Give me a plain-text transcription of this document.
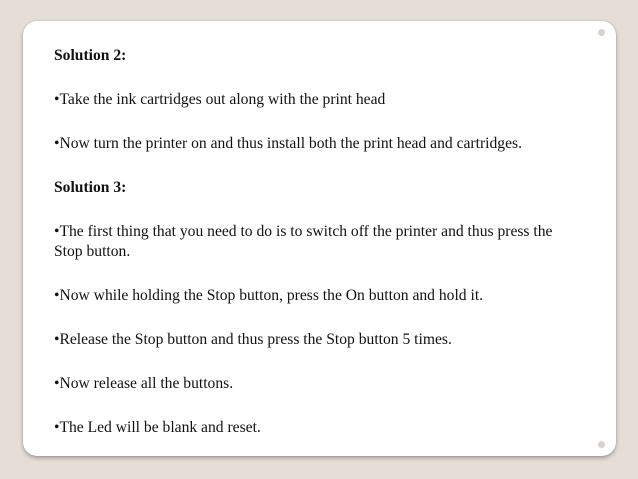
Solution 2:
•Take the ink cartridges out along with the print head
•Now turn the printer on and thus install both the print head and cartridges.
Solution 3:
•The first thing that you need to do is to switch off the printer and thus press the Stop button.
•Now while holding the Stop button, press the On button and hold it.
•Release the Stop button and thus press the Stop button 5 times.
•Now release all the buttons.
•The Led will be blank and reset.
